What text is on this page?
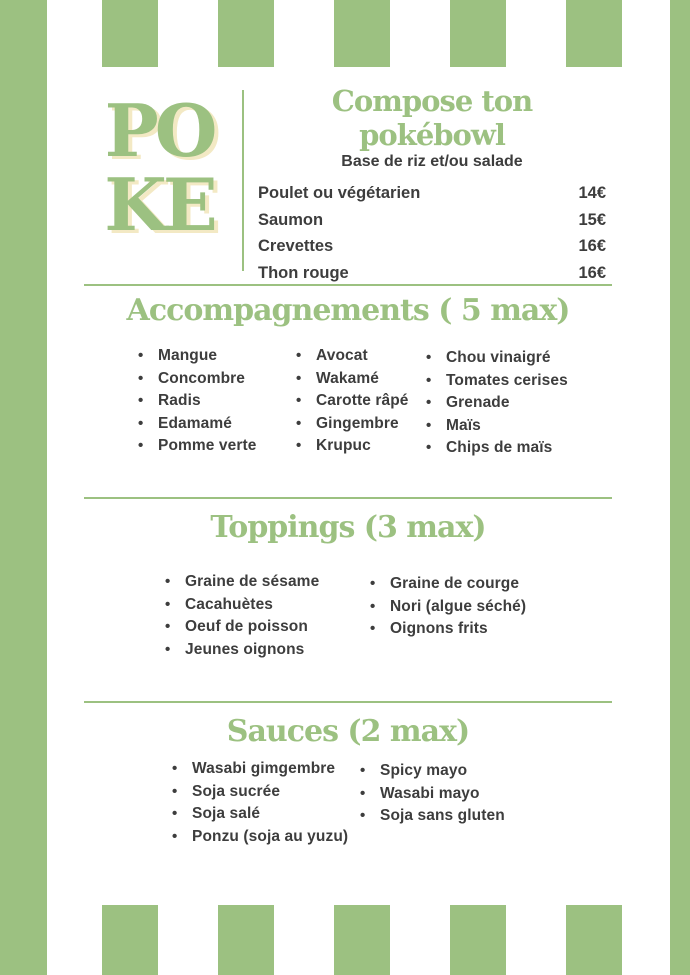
PO
KE
Compose ton pokébowl

Base de riz et/ou salade

Poulet ou végétarien	14€
Saumon	15€
Crevettes	16€
Thon rouge	16€
Accompagnements ( 5 max)
• Mangue
• Concombre
• Radis
• Edamamé
• Pomme verte
• Avocat
• Wakamé
• Carotte râpé
• Gingembre
• Krupuc
• Chou vinaigré
• Tomates cerises
• Grenade
• Maïs
• Chips de maïs
Toppings (3 max)
• Graine de sésame
• Cacahuètes
• Oeuf de poisson
• Jeunes oignons
• Graine de courge
• Nori (algue séché)
• Oignons frits
Sauces (2 max)
• Wasabi gimgembre
• Soja sucrée
• Soja salé
• Ponzu (soja au yuzu)
• Spicy mayo
• Wasabi mayo
• Soja sans gluten
